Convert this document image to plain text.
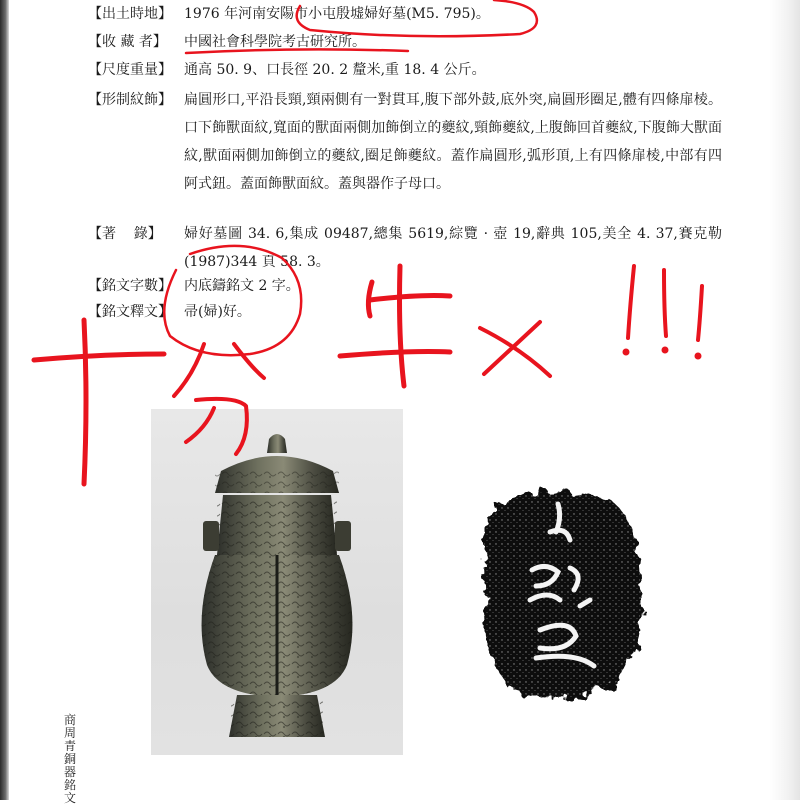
【出土時地】 1976 年河南安陽市小屯殷墟婦好墓(M5. 795)。
【收 藏 者】	中國社會科學院考古研究所。
【尺度重量】 通高 50. 9、口長徑 20. 2 釐米,重 18. 4 公斤。
【形制紋飾】 扁圓形口,平沿長頸,頸兩側有一對貫耳,腹下部外鼓,底外突,扁圓形圈足,體有四條扉棱。口下飾獸面紋,寬面的獸面兩側加飾倒立的夔紋,頸飾夔紋,上腹飾回首夔紋,下腹飾大獸面紋,獸面兩側加飾倒立的夔紋,圈足飾夔紋。蓋作扁圓形,弧形頂,上有四條扉棱,中部有四阿式鈕。蓋面飾獸面紋。蓋與器作子母口。
【著    錄】	婦好墓圖 34. 6,集成 09487,總集 5619,綜覽 · 壺 19,辭典 105,美全 4. 37,賽克勒(1987)344 頁 58. 3。
【銘文字數】 内底鑄銘文 2 字。
【銘文釋文】 帚(婦)好。
商周青銅器銘文
